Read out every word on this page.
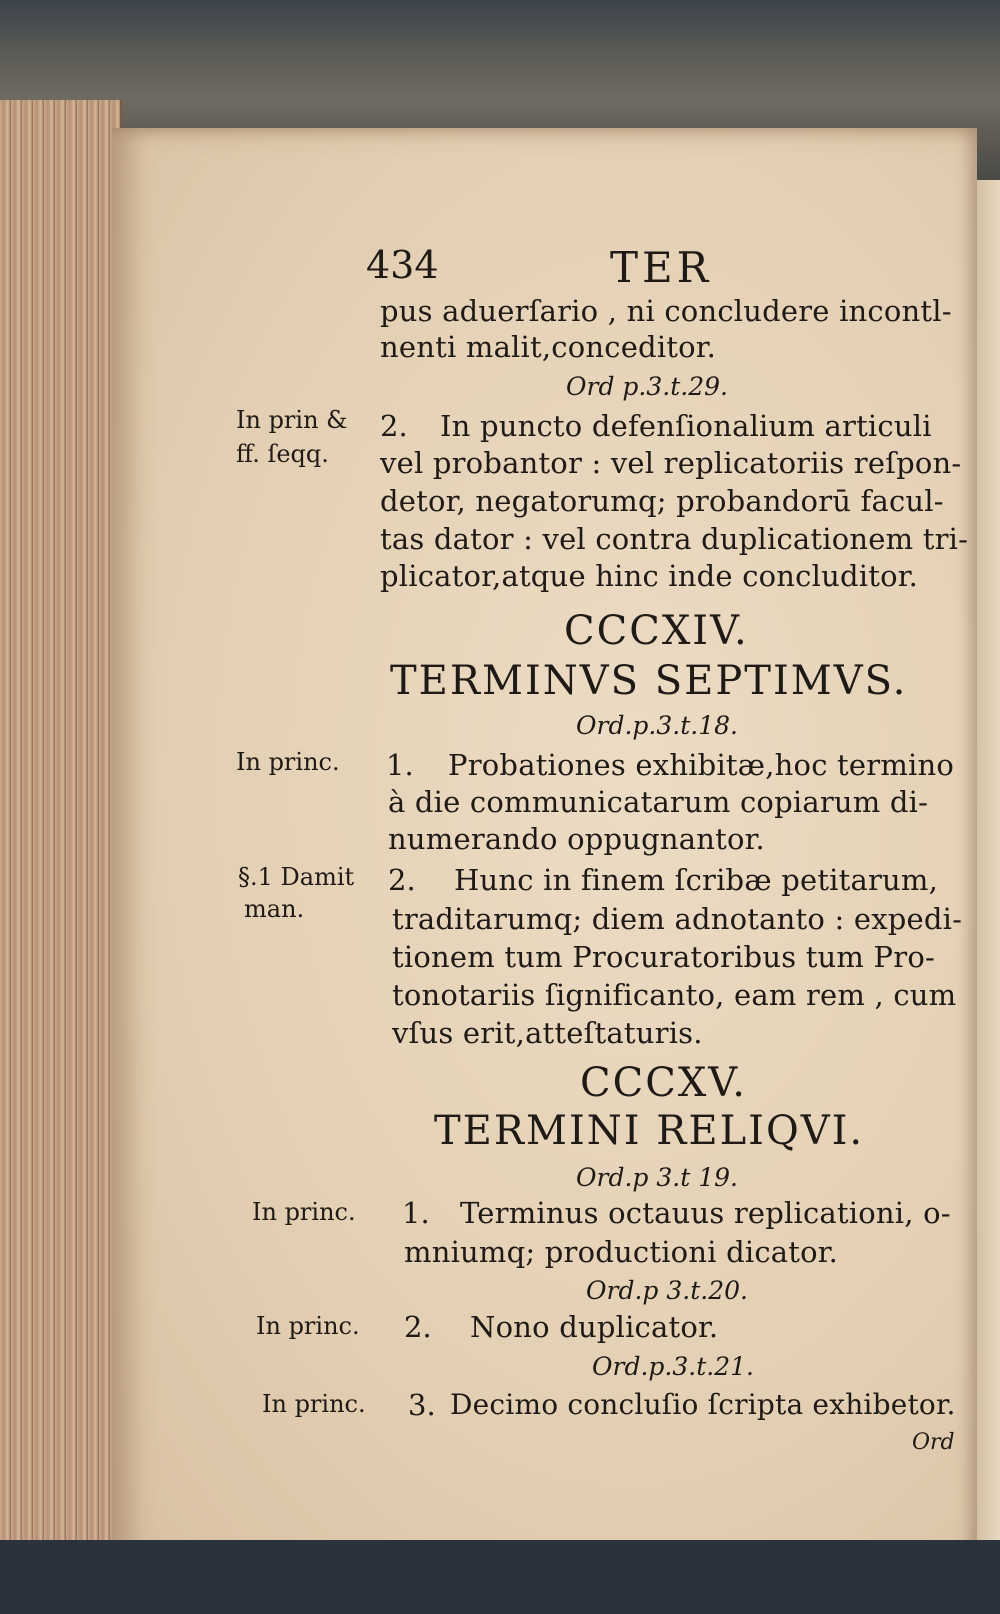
434	TER
pus aduerſario , ni concludere incontl-
nenti malit,conceditor.
Ord p.3.t.29.
In prin &
ff. ſeqq.
2. In puncto defenſionalium articuli
vel probantor : vel replicatoriis reſpon-
detor, negatorumq; probandorū facul-
tas dator : vel contra duplicationem tri-
plicator,atque hinc inde concluditor.
CCCXIV.
TERMINVS SEPTIMVS.
Ord.p.3.t.18.
In princ. 1. Probationes exhibitæ,hoc termino
à die communicatarum copiarum di-
numerando oppugnantor.
§.1 Damit
man.
2. Hunc in finem ſcribæ petitarum,
traditarumq; diem adnotanto : expedi-
tionem tum Procuratoribus tum Pro-
tonotariis ſignificanto, eam rem , cum
vſus erit,atteſtaturis.
CCCXV.
TERMINI RELIQVI.
Ord.p 3.t 19.
In princ. 1. Terminus octauus replicationi, o-
mniumq; productioni dicator.
Ord.p 3.t.20.
In princ. 2. Nono duplicator.
Ord.p.3.t.21.
In princ. 3. Decimo concluſio ſcripta exhibetor.
Ord
